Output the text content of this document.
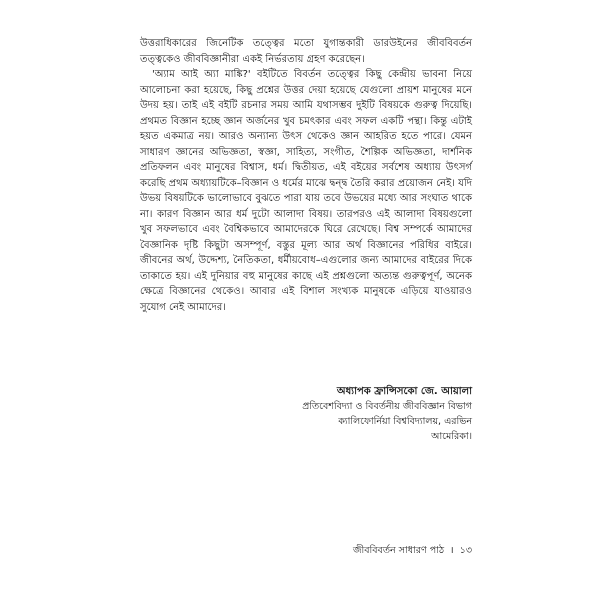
উত্তরাধিকারের জিনেটিক তত্ত্বের মতো যুগান্তকারী ডারউইনের জীববিবর্তন তত্ত্বকেও জীববিজ্ঞানীরা একই নির্ভরতায় গ্রহণ করেছেন।

'অ্যাম আই অ্যা মাঙ্কি?' বইটিতে বিবর্তন তত্ত্বের কিছু কেন্দ্রীয় ভাবনা নিয়ে আলোচনা করা হয়েছে, কিছু প্রশ্নের উত্তর দেয়া হয়েছে যেগুলো প্রায়শ মানুষের মনে উদয় হয়। তাই এই বইটি রচনার সময় আমি যথাসম্ভব দুইটি বিষয়কে গুরুত্ব দিয়েছি। প্রথমত বিজ্ঞান হচ্ছে জ্ঞান অর্জনের খুব চমৎকার এবং সফল একটি পন্থা। কিন্তু এটাই হয়ত একমাত্র নয়। আরও অন্যান্য উৎস থেকেও জ্ঞান আহরিত হতে পারে। যেমন সাধারণ জ্ঞানের অভিজ্ঞতা, স্বজ্ঞা, সাহিত্য, সংগীত, শৈল্পিক অভিজ্ঞতা, দার্শনিক প্রতিফলন এবং মানুষের বিশ্বাস, ধর্ম। দ্বিতীয়ত, এই বইয়ের সর্বশেষ অধ্যায় উৎসর্গ করেছি প্রথম অধ্যায়টিকে–বিজ্ঞান ও ধর্মের মাঝে দ্বন্দ্ব তৈরি করার প্রয়োজন নেই। যদি উভয় বিষয়টিকে ভালোভাবে বুঝতে পারা যায় তবে উভয়ের মধ্যে আর সংঘাত থাকে না। কারণ বিজ্ঞান আর ধর্ম দুটো আলাদা বিষয়। তারপরও এই আলাদা বিষয়গুলো খুব সফলভাবে এবং বৈশ্বিকভাবে আমাদেরকে ঘিরে রেখেছে। বিশ্ব সম্পর্কে আমাদের বৈজ্ঞানিক দৃষ্টি কিছুটা অসম্পূর্ণ, বস্তুর মূল্য আর অর্থ বিজ্ঞানের পরিধির বাইরে। জীবনের অর্থ, উদ্দেশ্য, নৈতিকতা, ধর্মীয়বোধ–এগুলোর জন্য আমাদের বাইরের দিকে তাকাতে হয়। এই দুনিয়ার বহু মানুষের কাছে এই প্রশ্নগুলো অত্যন্ত গুরুত্বপূর্ণ, অনেক ক্ষেত্রে বিজ্ঞানের থেকেও। আবার এই বিশাল সংখ্যক মানুষকে এড়িয়ে যাওয়ারও সুযোগ নেই আমাদের।

অধ্যাপক ফ্রান্সিসকো জে. আয়ালা
প্রতিবেশবিদ্যা ও বিবর্তনীয় জীববিজ্ঞান বিভাগ
ক্যালিফোর্নিয়া বিশ্ববিদ্যালয়, এরভিন
আমেরিকা।
জীববিবর্তন সাধারণ পাঠ । ১৩
